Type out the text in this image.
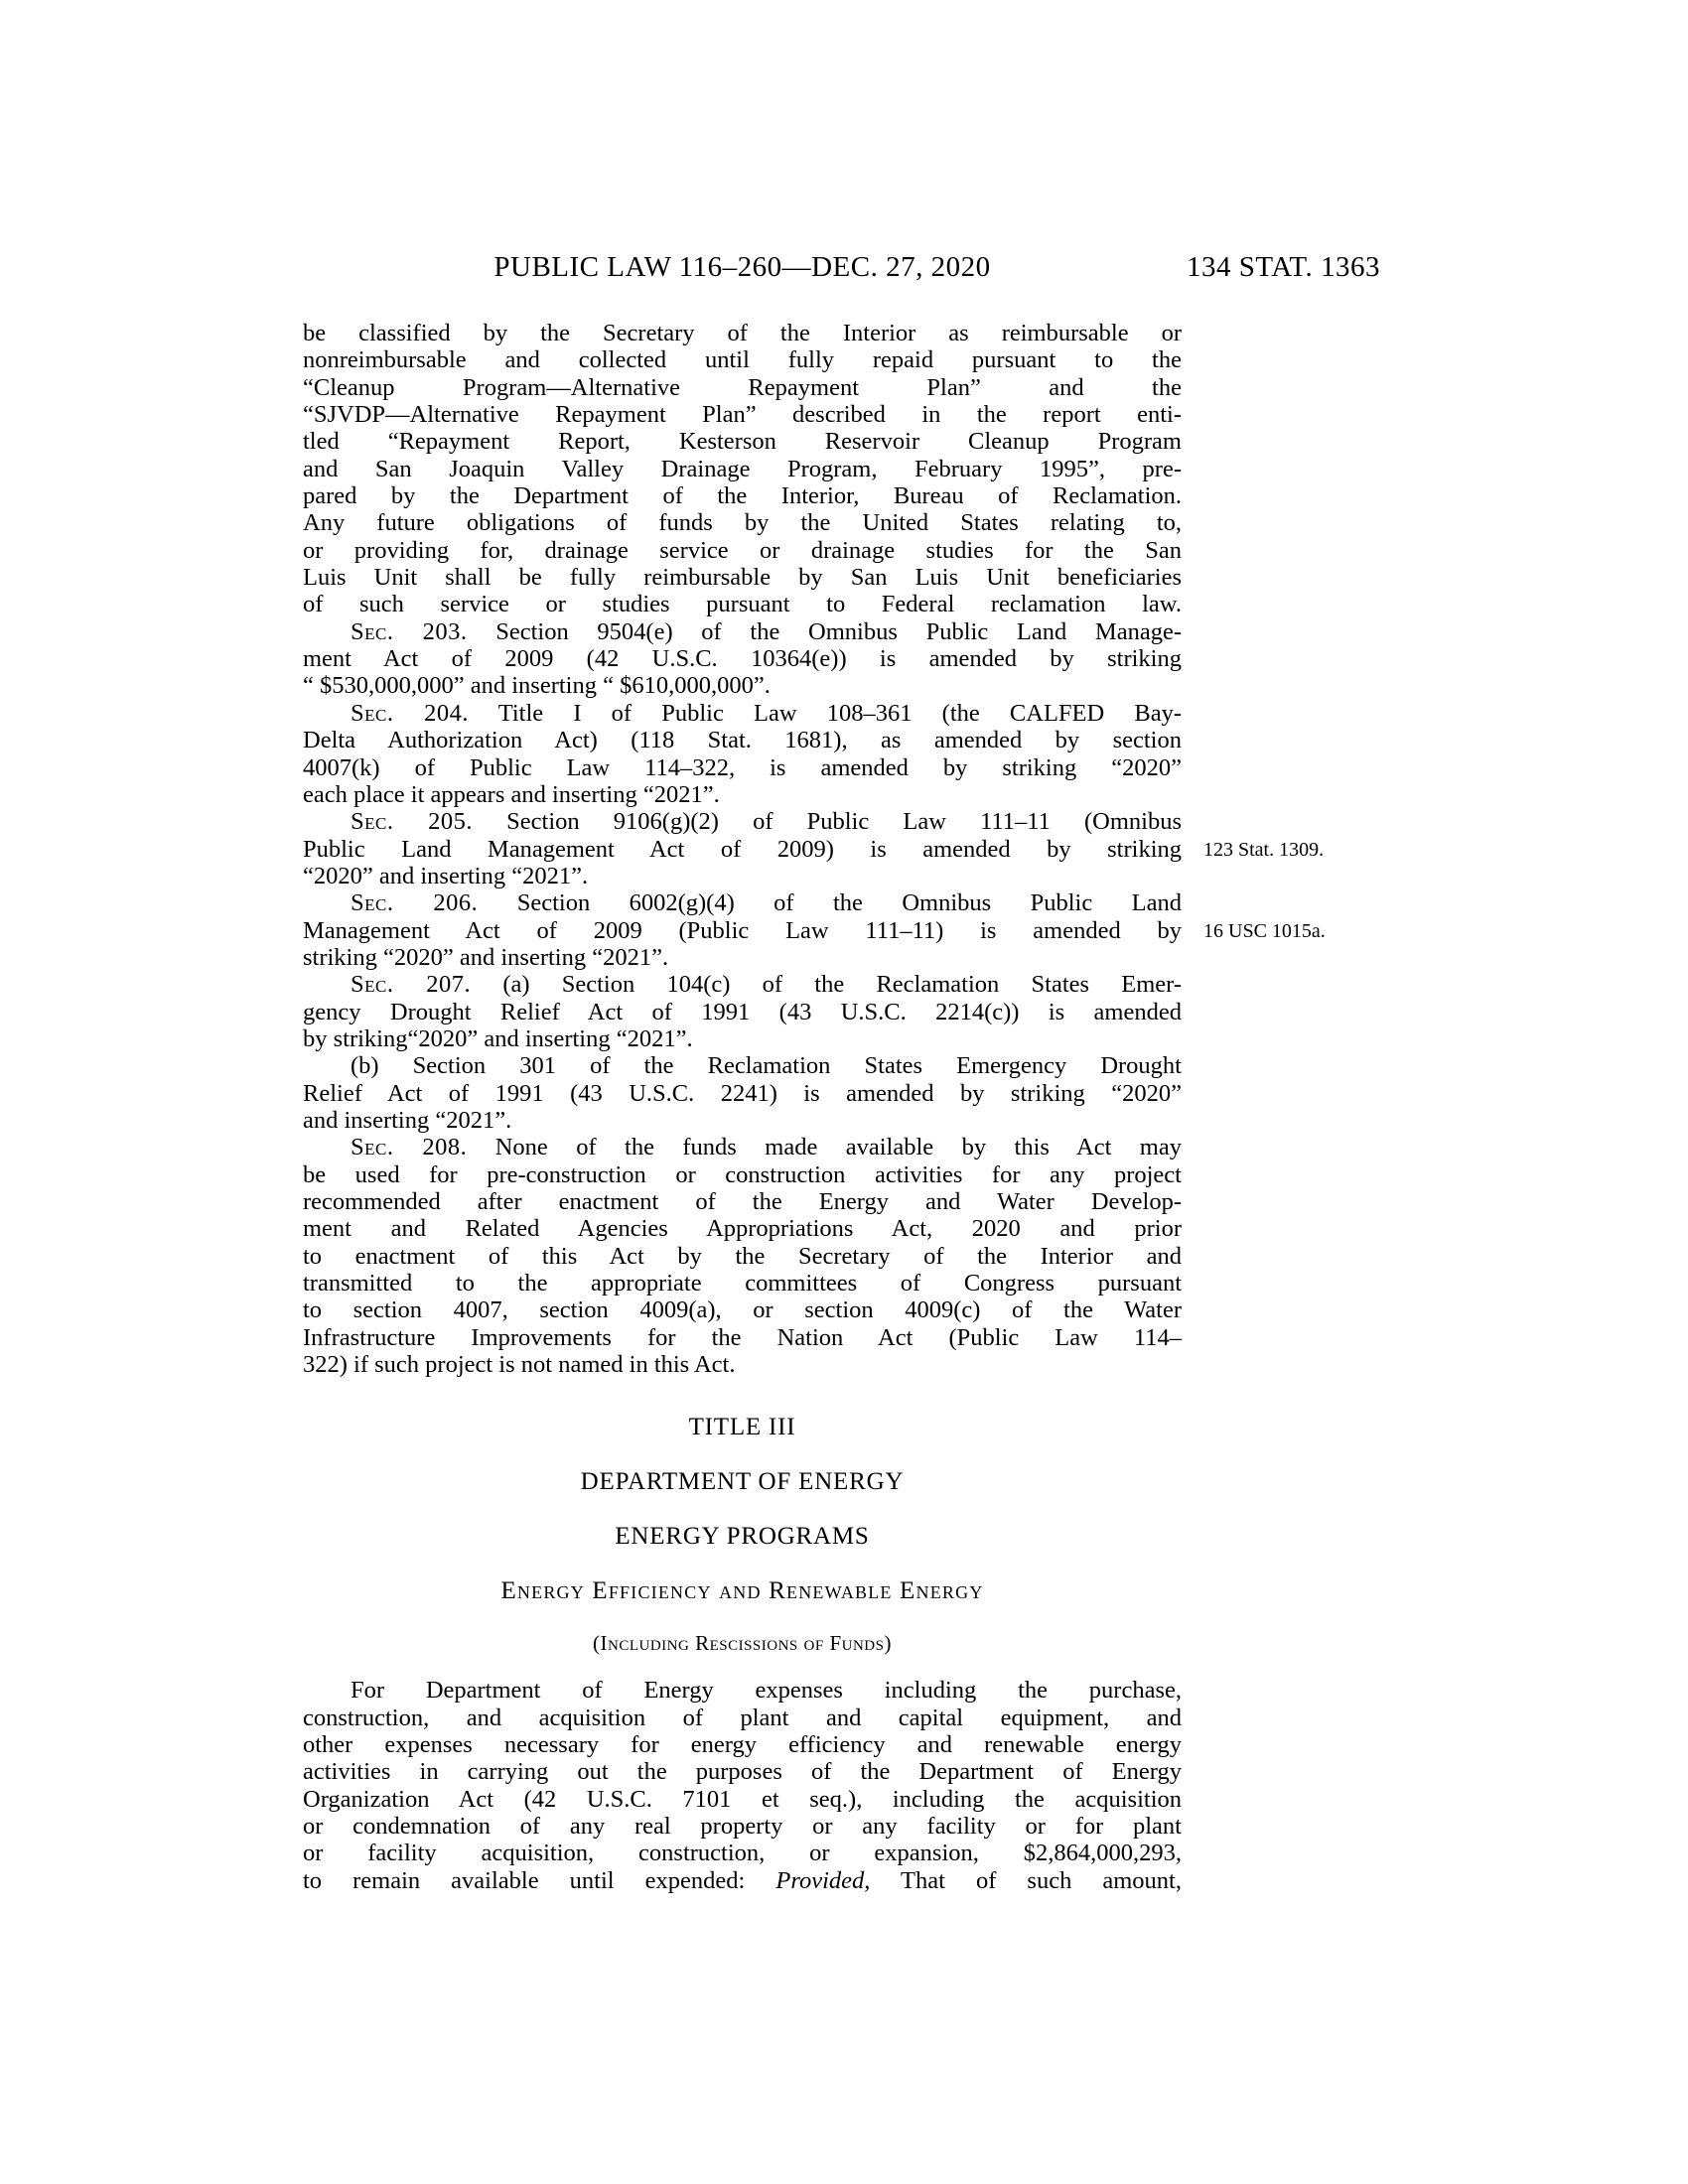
PUBLIC LAW 116–260—DEC. 27, 2020	134 STAT. 1363
be classified by the Secretary of the Interior as reimbursable or
nonreimbursable and collected until fully repaid pursuant to the
“Cleanup Program—Alternative Repayment Plan” and the
“SJVDP—Alternative Repayment Plan” described in the report enti-
tled “Repayment Report, Kesterson Reservoir Cleanup Program
and San Joaquin Valley Drainage Program, February 1995”, pre-
pared by the Department of the Interior, Bureau of Reclamation.
Any future obligations of funds by the United States relating to,
or providing for, drainage service or drainage studies for the San
Luis Unit shall be fully reimbursable by San Luis Unit beneficiaries
of such service or studies pursuant to Federal reclamation law.
Sec. 203. Section 9504(e) of the Omnibus Public Land Manage-
ment Act of 2009 (42 U.S.C. 10364(e)) is amended by striking
“ $530,000,000” and inserting “ $610,000,000”.
Sec. 204. Title I of Public Law 108–361 (the CALFED Bay-
Delta Authorization Act) (118 Stat. 1681), as amended by section
4007(k) of Public Law 114–322, is amended by striking “2020”
each place it appears and inserting “2021”.
Sec. 205. Section 9106(g)(2) of Public Law 111–11 (Omnibus
Public Land Management Act of 2009) is amended by striking
“2020” and inserting “2021”.
Sec. 206. Section 6002(g)(4) of the Omnibus Public Land
Management Act of 2009 (Public Law 111–11) is amended by
striking “2020” and inserting “2021”.
Sec. 207. (a) Section 104(c) of the Reclamation States Emer-
gency Drought Relief Act of 1991 (43 U.S.C. 2214(c)) is amended
by striking“2020” and inserting “2021”.
(b) Section 301 of the Reclamation States Emergency Drought
Relief Act of 1991 (43 U.S.C. 2241) is amended by striking “2020”
and inserting “2021”.
Sec. 208. None of the funds made available by this Act may
be used for pre-construction or construction activities for any project
recommended after enactment of the Energy and Water Develop-
ment and Related Agencies Appropriations Act, 2020 and prior
to enactment of this Act by the Secretary of the Interior and
transmitted to the appropriate committees of Congress pursuant
to section 4007, section 4009(a), or section 4009(c) of the Water
Infrastructure Improvements for the Nation Act (Public Law 114–
322) if such project is not named in this Act.
TITLE III
DEPARTMENT OF ENERGY
ENERGY PROGRAMS
Energy Efficiency and Renewable Energy
(Including Rescissions of Funds)
For Department of Energy expenses including the purchase,
construction, and acquisition of plant and capital equipment, and
other expenses necessary for energy efficiency and renewable energy
activities in carrying out the purposes of the Department of Energy
Organization Act (42 U.S.C. 7101 et seq.), including the acquisition
or condemnation of any real property or any facility or for plant
or facility acquisition, construction, or expansion, $2,864,000,293,
to remain available until expended: Provided, That of such amount,
123 Stat. 1309.
16 USC 1015a.
